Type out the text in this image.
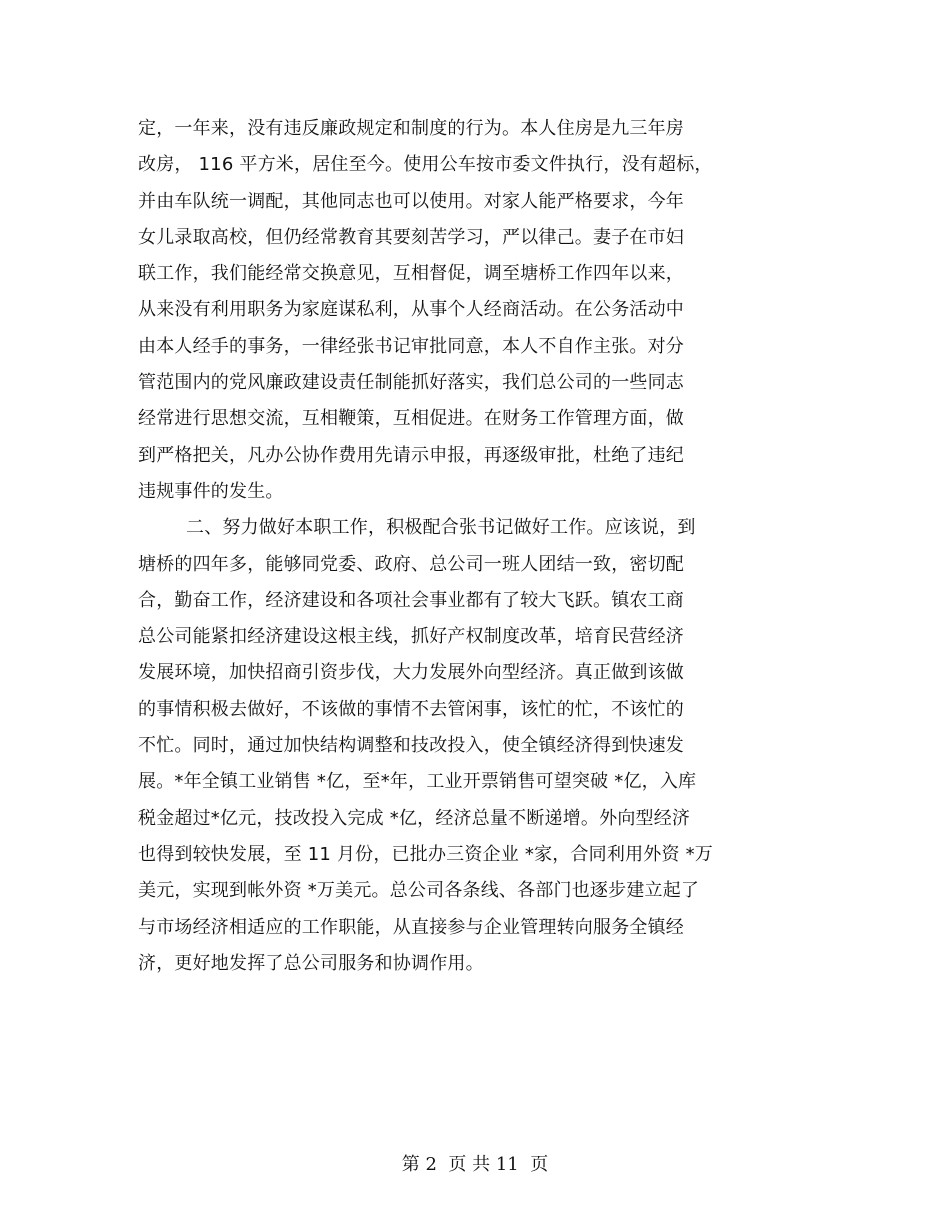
定，一年来，没有违反廉政规定和制度的行为。本人住房是九三年房
改房， 116 平方米，居住至今。使用公车按市委文件执行，没有超标，
并由车队统一调配，其他同志也可以使用。对家人能严格要求，今年
女儿录取高校，但仍经常教育其要刻苦学习，严以律己。妻子在市妇
联工作，我们能经常交换意见，互相督促，调至塘桥工作四年以来，
从来没有利用职务为家庭谋私利，从事个人经商活动。在公务活动中
由本人经手的事务，一律经张书记审批同意，本人不自作主张。对分
管范围内的党风廉政建设责任制能抓好落实，我们总公司的一些同志
经常进行思想交流，互相鞭策，互相促进。在财务工作管理方面，做
到严格把关，凡办公协作费用先请示申报，再逐级审批，杜绝了违纪
违规事件的发生。
二、努力做好本职工作，积极配合张书记做好工作。应该说，到
塘桥的四年多，能够同党委、政府、总公司一班人团结一致，密切配
合，勤奋工作，经济建设和各项社会事业都有了较大飞跃。镇农工商
总公司能紧扣经济建设这根主线，抓好产权制度改革，培育民营经济
发展环境，加快招商引资步伐，大力发展外向型经济。真正做到该做
的事情积极去做好，不该做的事情不去管闲事，该忙的忙，不该忙的
不忙。同时，通过加快结构调整和技改投入，使全镇经济得到快速发
展。*年全镇工业销售 *亿，至*年，工业开票销售可望突破 *亿，入库
税金超过*亿元，技改投入完成 *亿，经济总量不断递增。外向型经济
也得到较快发展，至 11 月份，已批办三资企业 *家，合同利用外资 *万
美元，实现到帐外资 *万美元。总公司各条线、各部门也逐步建立起了
与市场经济相适应的工作职能，从直接参与企业管理转向服务全镇经
济，更好地发挥了总公司服务和协调作用。
第 2  页 共 11  页
